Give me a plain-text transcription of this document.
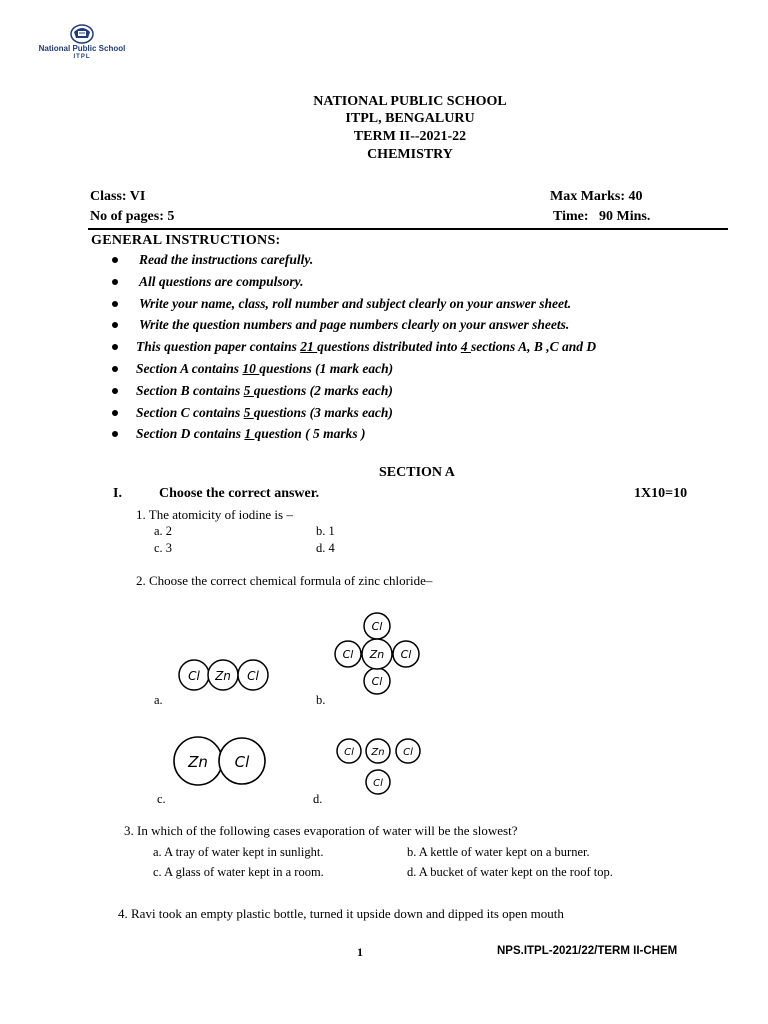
National Public School
ITPL
NATIONAL PUBLIC SCHOOL
ITPL, BENGALURU
TERM II--2021-22
CHEMISTRY
Class: VI	Max Marks: 40
No of pages: 5	Time:   90 Mins.
GENERAL INSTRUCTIONS:
Read the instructions carefully.
All questions are compulsory.
Write your name, class, roll number and subject clearly on your answer sheet.
Write the question numbers and page numbers clearly on your answer sheets.
This question paper contains 21 questions distributed into 4 sections A, B ,C and D
Section A contains 10 questions (1 mark each)
Section B contains 5 questions (2 marks each)
Section C contains 5 questions (3 marks each)
Section D contains 1 question ( 5 marks )
SECTION A
I.	Choose the correct answer.	1X10=10
1. The atomicity of iodine is –
a. 2	b. 1
c. 3	d. 4
2. Choose the correct chemical formula of zinc chloride–
Cl Zn Cl
a.
Cl
Cl
Cl	Cl
Zn
b.
Zn Cl
c.
Cl Zn Cl
Cl
d.
3. In which of the following cases evaporation of water will be the slowest?
a. A tray of water kept in sunlight.	b. A kettle of water kept on a burner.
c. A glass of water kept in a room.	d. A bucket of water kept on the roof top.
4. Ravi took an empty plastic bottle, turned it upside down and dipped its open mouth
1	NPS.ITPL-2021/22/TERM II-CHEM
